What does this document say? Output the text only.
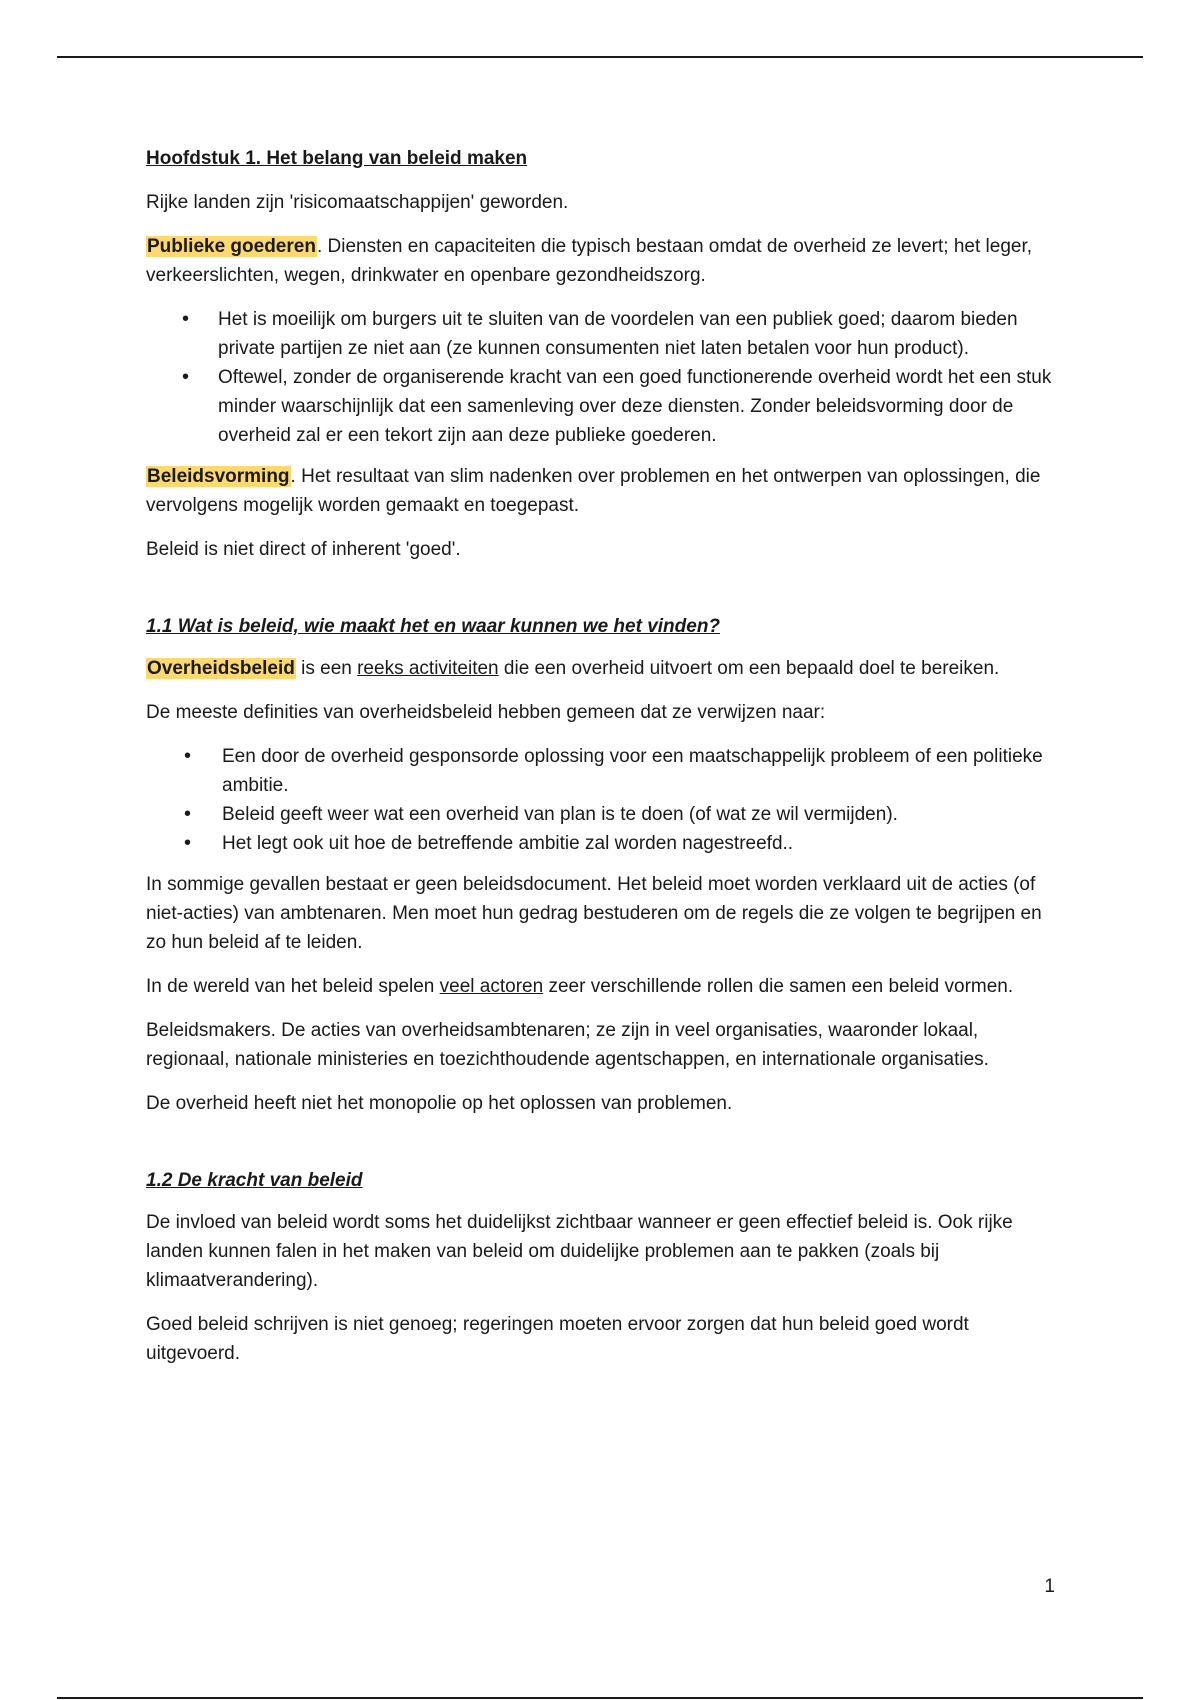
Hoofdstuk 1. Het belang van beleid maken

Rijke landen zijn 'risicomaatschappijen' geworden.

Publieke goederen. Diensten en capaciteiten die typisch bestaan omdat de overheid ze levert; het leger, verkeerslichten, wegen, drinkwater en openbare gezondheidszorg.

• Het is moeilijk om burgers uit te sluiten van de voordelen van een publiek goed; daarom bieden private partijen ze niet aan (ze kunnen consumenten niet laten betalen voor hun product).
• Oftewel, zonder de organiserende kracht van een goed functionerende overheid wordt het een stuk minder waarschijnlijk dat een samenleving over deze diensten. Zonder beleidsvorming door de overheid zal er een tekort zijn aan deze publieke goederen.

Beleidsvorming. Het resultaat van slim nadenken over problemen en het ontwerpen van oplossingen, die vervolgens mogelijk worden gemaakt en toegepast.

Beleid is niet direct of inherent 'goed'.

1.1 Wat is beleid, wie maakt het en waar kunnen we het vinden?

Overheidsbeleid is een reeks activiteiten die een overheid uitvoert om een bepaald doel te bereiken.

De meeste definities van overheidsbeleid hebben gemeen dat ze verwijzen naar:

• Een door de overheid gesponsorde oplossing voor een maatschappelijk probleem of een politieke ambitie.
• Beleid geeft weer wat een overheid van plan is te doen (of wat ze wil vermijden).
• Het legt ook uit hoe de betreffende ambitie zal worden nagestreefd..

In sommige gevallen bestaat er geen beleidsdocument. Het beleid moet worden verklaard uit de acties (of niet-acties) van ambtenaren. Men moet hun gedrag bestuderen om de regels die ze volgen te begrijpen en zo hun beleid af te leiden.

In de wereld van het beleid spelen veel actoren zeer verschillende rollen die samen een beleid vormen.

Beleidsmakers. De acties van overheidsambtenaren; ze zijn in veel organisaties, waaronder lokaal, regionaal, nationale ministeries en toezichthoudende agentschappen, en internationale organisaties.

De overheid heeft niet het monopolie op het oplossen van problemen.

1.2 De kracht van beleid

De invloed van beleid wordt soms het duidelijkst zichtbaar wanneer er geen effectief beleid is. Ook rijke landen kunnen falen in het maken van beleid om duidelijke problemen aan te pakken (zoals bij klimaatverandering).

Goed beleid schrijven is niet genoeg; regeringen moeten ervoor zorgen dat hun beleid goed wordt uitgevoerd.

1
